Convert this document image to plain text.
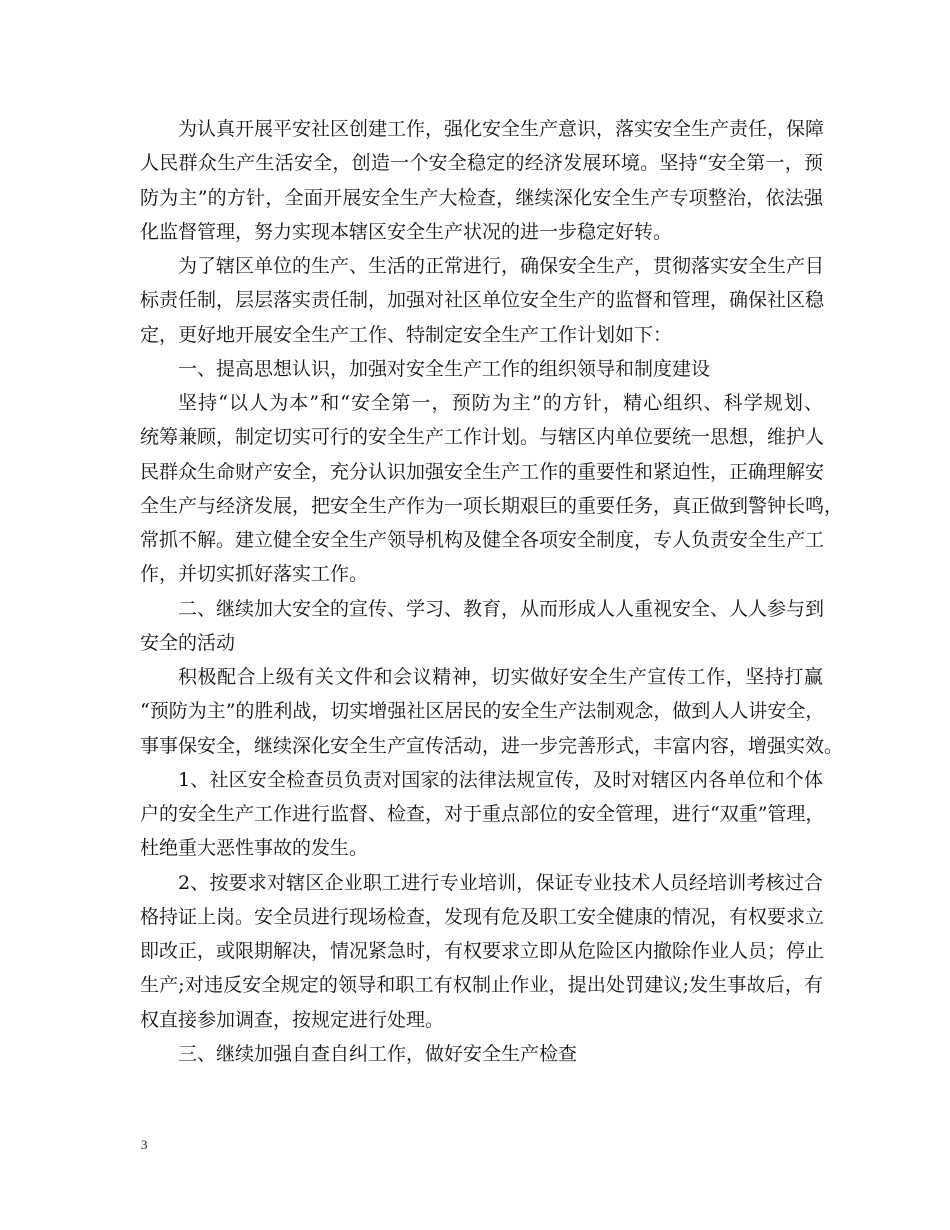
为认真开展平安社区创建工作，强化安全生产意识，落实安全生产责任，保障
人民群众生产生活安全，创造一个安全稳定的经济发展环境。坚持“安全第一，预
防为主”的方针，全面开展安全生产大检查，继续深化安全生产专项整治，依法强
化监督管理，努力实现本辖区安全生产状况的进一步稳定好转。
为了辖区单位的生产、生活的正常进行，确保安全生产，贯彻落实安全生产目
标责任制，层层落实责任制，加强对社区单位安全生产的监督和管理，确保社区稳
定，更好地开展安全生产工作、特制定安全生产工作计划如下：
一、提高思想认识，加强对安全生产工作的组织领导和制度建设
坚持“以人为本”和“安全第一，预防为主”的方针，精心组织、科学规划、
统筹兼顾，制定切实可行的安全生产工作计划。与辖区内单位要统一思想，维护人
民群众生命财产安全，充分认识加强安全生产工作的重要性和紧迫性，正确理解安
全生产与经济发展，把安全生产作为一项长期艰巨的重要任务，真正做到警钟长鸣，
常抓不解。建立健全安全生产领导机构及健全各项安全制度，专人负责安全生产工
作，并切实抓好落实工作。
二、继续加大安全的宣传、学习、教育，从而形成人人重视安全、人人参与到
安全的活动
积极配合上级有关文件和会议精神，切实做好安全生产宣传工作，坚持打赢
“预防为主”的胜利战，切实增强社区居民的安全生产法制观念，做到人人讲安全，
事事保安全，继续深化安全生产宣传活动，进一步完善形式，丰富内容，增强实效。
1、社区安全检查员负责对国家的法律法规宣传，及时对辖区内各单位和个体
户的安全生产工作进行监督、检查，对于重点部位的安全管理，进行“双重”管理，
杜绝重大恶性事故的发生。
2、按要求对辖区企业职工进行专业培训，保证专业技术人员经培训考核过合
格持证上岗。安全员进行现场检查，发现有危及职工安全健康的情况，有权要求立
即改正，或限期解决，情况紧急时，有权要求立即从危险区内撤除作业人员；停止
生产;对违反安全规定的领导和职工有权制止作业，提出处罚建议;发生事故后，有
权直接参加调查，按规定进行处理。
三、继续加强自查自纠工作，做好安全生产检查
3
